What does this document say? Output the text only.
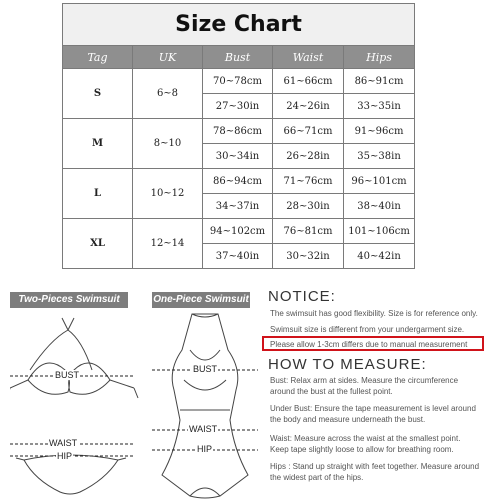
Size Chart				
Tag	UK	Bust	Waist	Hips
S	6~8	70~78cm	61~66cm	86~91cm
		27~30in	24~26in	33~35in
M	8~10	78~86cm	66~71cm	91~96cm
		30~34in	26~28in	35~38in
L	10~12	86~94cm	71~76cm	96~101cm
		34~37in	28~30in	38~40in
XL	12~14	94~102cm	76~81cm	101~106cm
		37~40in	30~32in	40~42in
Two-Pieces Swimsuit
BUST
WAIST
HIP
One-Piece Swimsuit
BUST
WAIST
HIP
NOTICE:
The swimsuit has good flexibility. Size is for reference only.
Swimsuit size is different from your undergarment size.
Please allow 1-3cm differs due to manual measurement
HOW TO MEASURE:
Bust: Relax arm at sides. Measure the circumference
around the bust at the fullest point.
Under Bust: Ensure the tape measurement is level around
the body and measure underneath the bust.
Waist: Measure across the waist at the smallest point.
Keep tape slightly loose to allow for breathing room.
Hips : Stand up straight with feet together. Measure around
the widest part of the hips.
